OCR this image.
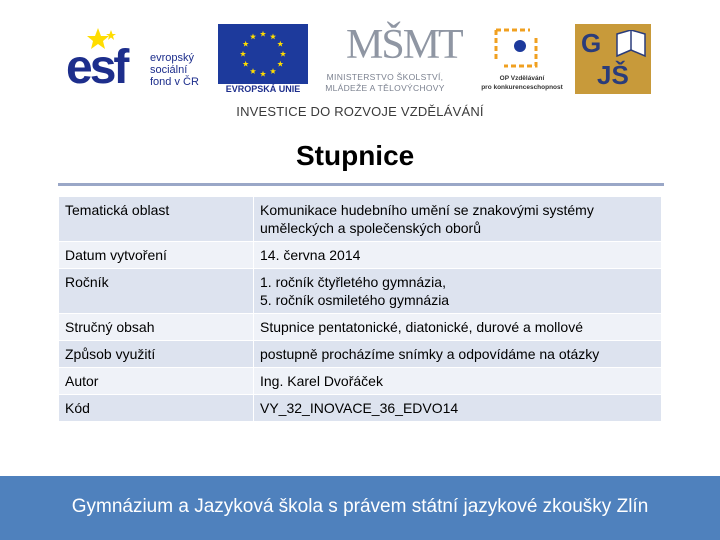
esf evropský
sociální
fond v ČR
EVROPSKÁ UNIE
MŠMT
MINISTERSTVO ŠKOLSTVÍ,
MLÁDEŽE A TĚLOVÝCHOVY
OP Vzdělávání
pro konkurenceschopnost
G
JŠ
INVESTICE DO ROZVOJE VZDĚLÁVÁNÍ
Stupnice
Tematická oblast	Komunikace hudebního umění se znakovými systémy uměleckých a společenských oborů
Datum vytvoření	14. června 2014
Ročník	1. ročník čtyřletého gymnázia,
5. ročník osmiletého gymnázia
Stručný obsah	Stupnice pentatonické, diatonické, durové a mollové
Způsob využití	postupně procházíme snímky a odpovídáme na otázky
Autor	Ing. Karel Dvořáček
Kód	VY_32_INOVACE_36_EDVO14
Gymnázium a Jazyková škola s právem státní jazykové zkoušky Zlín
